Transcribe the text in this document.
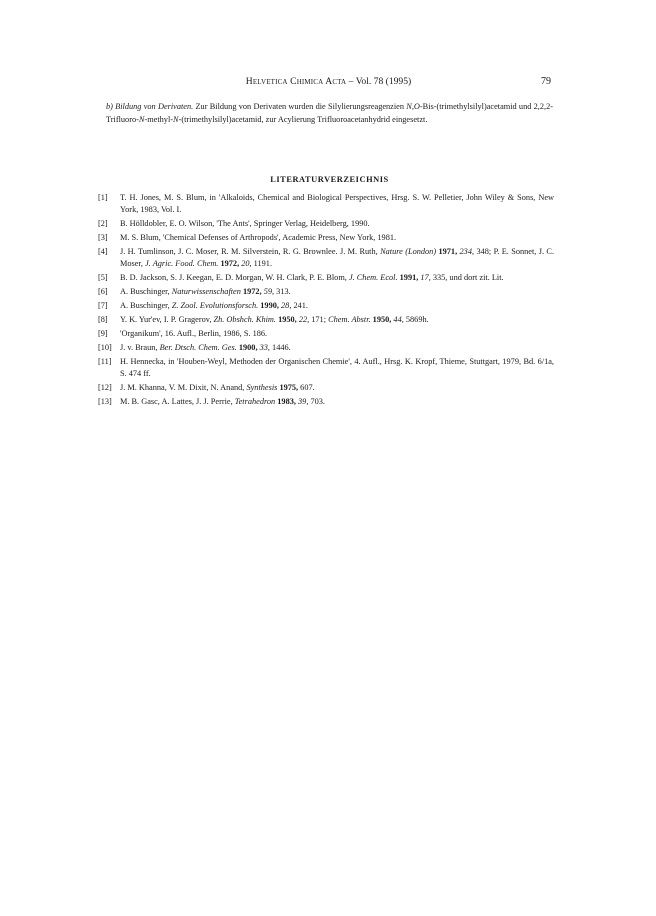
Helvetica Chimica Acta – Vol. 78 (1995)	79

b) Bildung von Derivaten. Zur Bildung von Derivaten wurden die Silylierungsreagenzien N,O-Bis-(trimethylsilyl)acetamid und 2,2,2-Trifluoro-N-methyl-N-(trimethylsilyl)acetamid, zur Acylierung Trifluoroacetanhydrid eingesetzt.

LITERATURVERZEICHNIS
[1]	T. H. Jones, M. S. Blum, in 'Alkaloids, Chemical and Biological Perspectives, Hrsg. S. W. Pelletier, John Wiley & Sons, New York, 1983, Vol. I.
[2]	B. Hölldobler, E. O. Wilson, 'The Ants', Springer Verlag, Heidelberg, 1990.
[3]	M. S. Blum, 'Chemical Defenses of Arthropods', Academic Press, New York, 1981.
[4]	J. H. Tumlinson, J. C. Moser, R. M. Silverstein, R. G. Brownlee. J. M. Ruth, Nature (London) 1971, 234, 348; P. E. Sonnet, J. C. Moser, J. Agric. Food. Chem. 1972, 20, 1191.
[5]	B. D. Jackson, S. J. Keegan, E. D. Morgan, W. H. Clark, P. E. Blom, J. Chem. Ecol. 1991, 17, 335, und dort zit. Lit.
[6]	A. Buschinger, Naturwissenschaften 1972, 59, 313.
[7]	A. Buschinger, Z. Zool. Evolutionsforsch. 1990, 28, 241.
[8]	Y. K. Yur'ev, I. P. Gragerov, Zh. Obshch. Khim. 1950, 22, 171; Chem. Abstr. 1950, 44, 5869h.
[9]	'Organikum', 16. Aufl., Berlin, 1986, S. 186.
[10] J. v. Braun, Ber. Dtsch. Chem. Ges. 1900, 33, 1446.
[11]	H. Hennecka, in 'Houben-Weyl, Methoden der Organischen Chemie', 4. Aufl., Hrsg. K. Kropf, Thieme, Stuttgart, 1979, Bd. 6/1a, S. 474 ff.
[12] J. M. Khanna, V. M. Dixit, N. Anand, Synthesis 1975, 607.
[13] M. B. Gasc, A. Lattes, J. J. Perrie, Tetrahedron 1983, 39, 703.
